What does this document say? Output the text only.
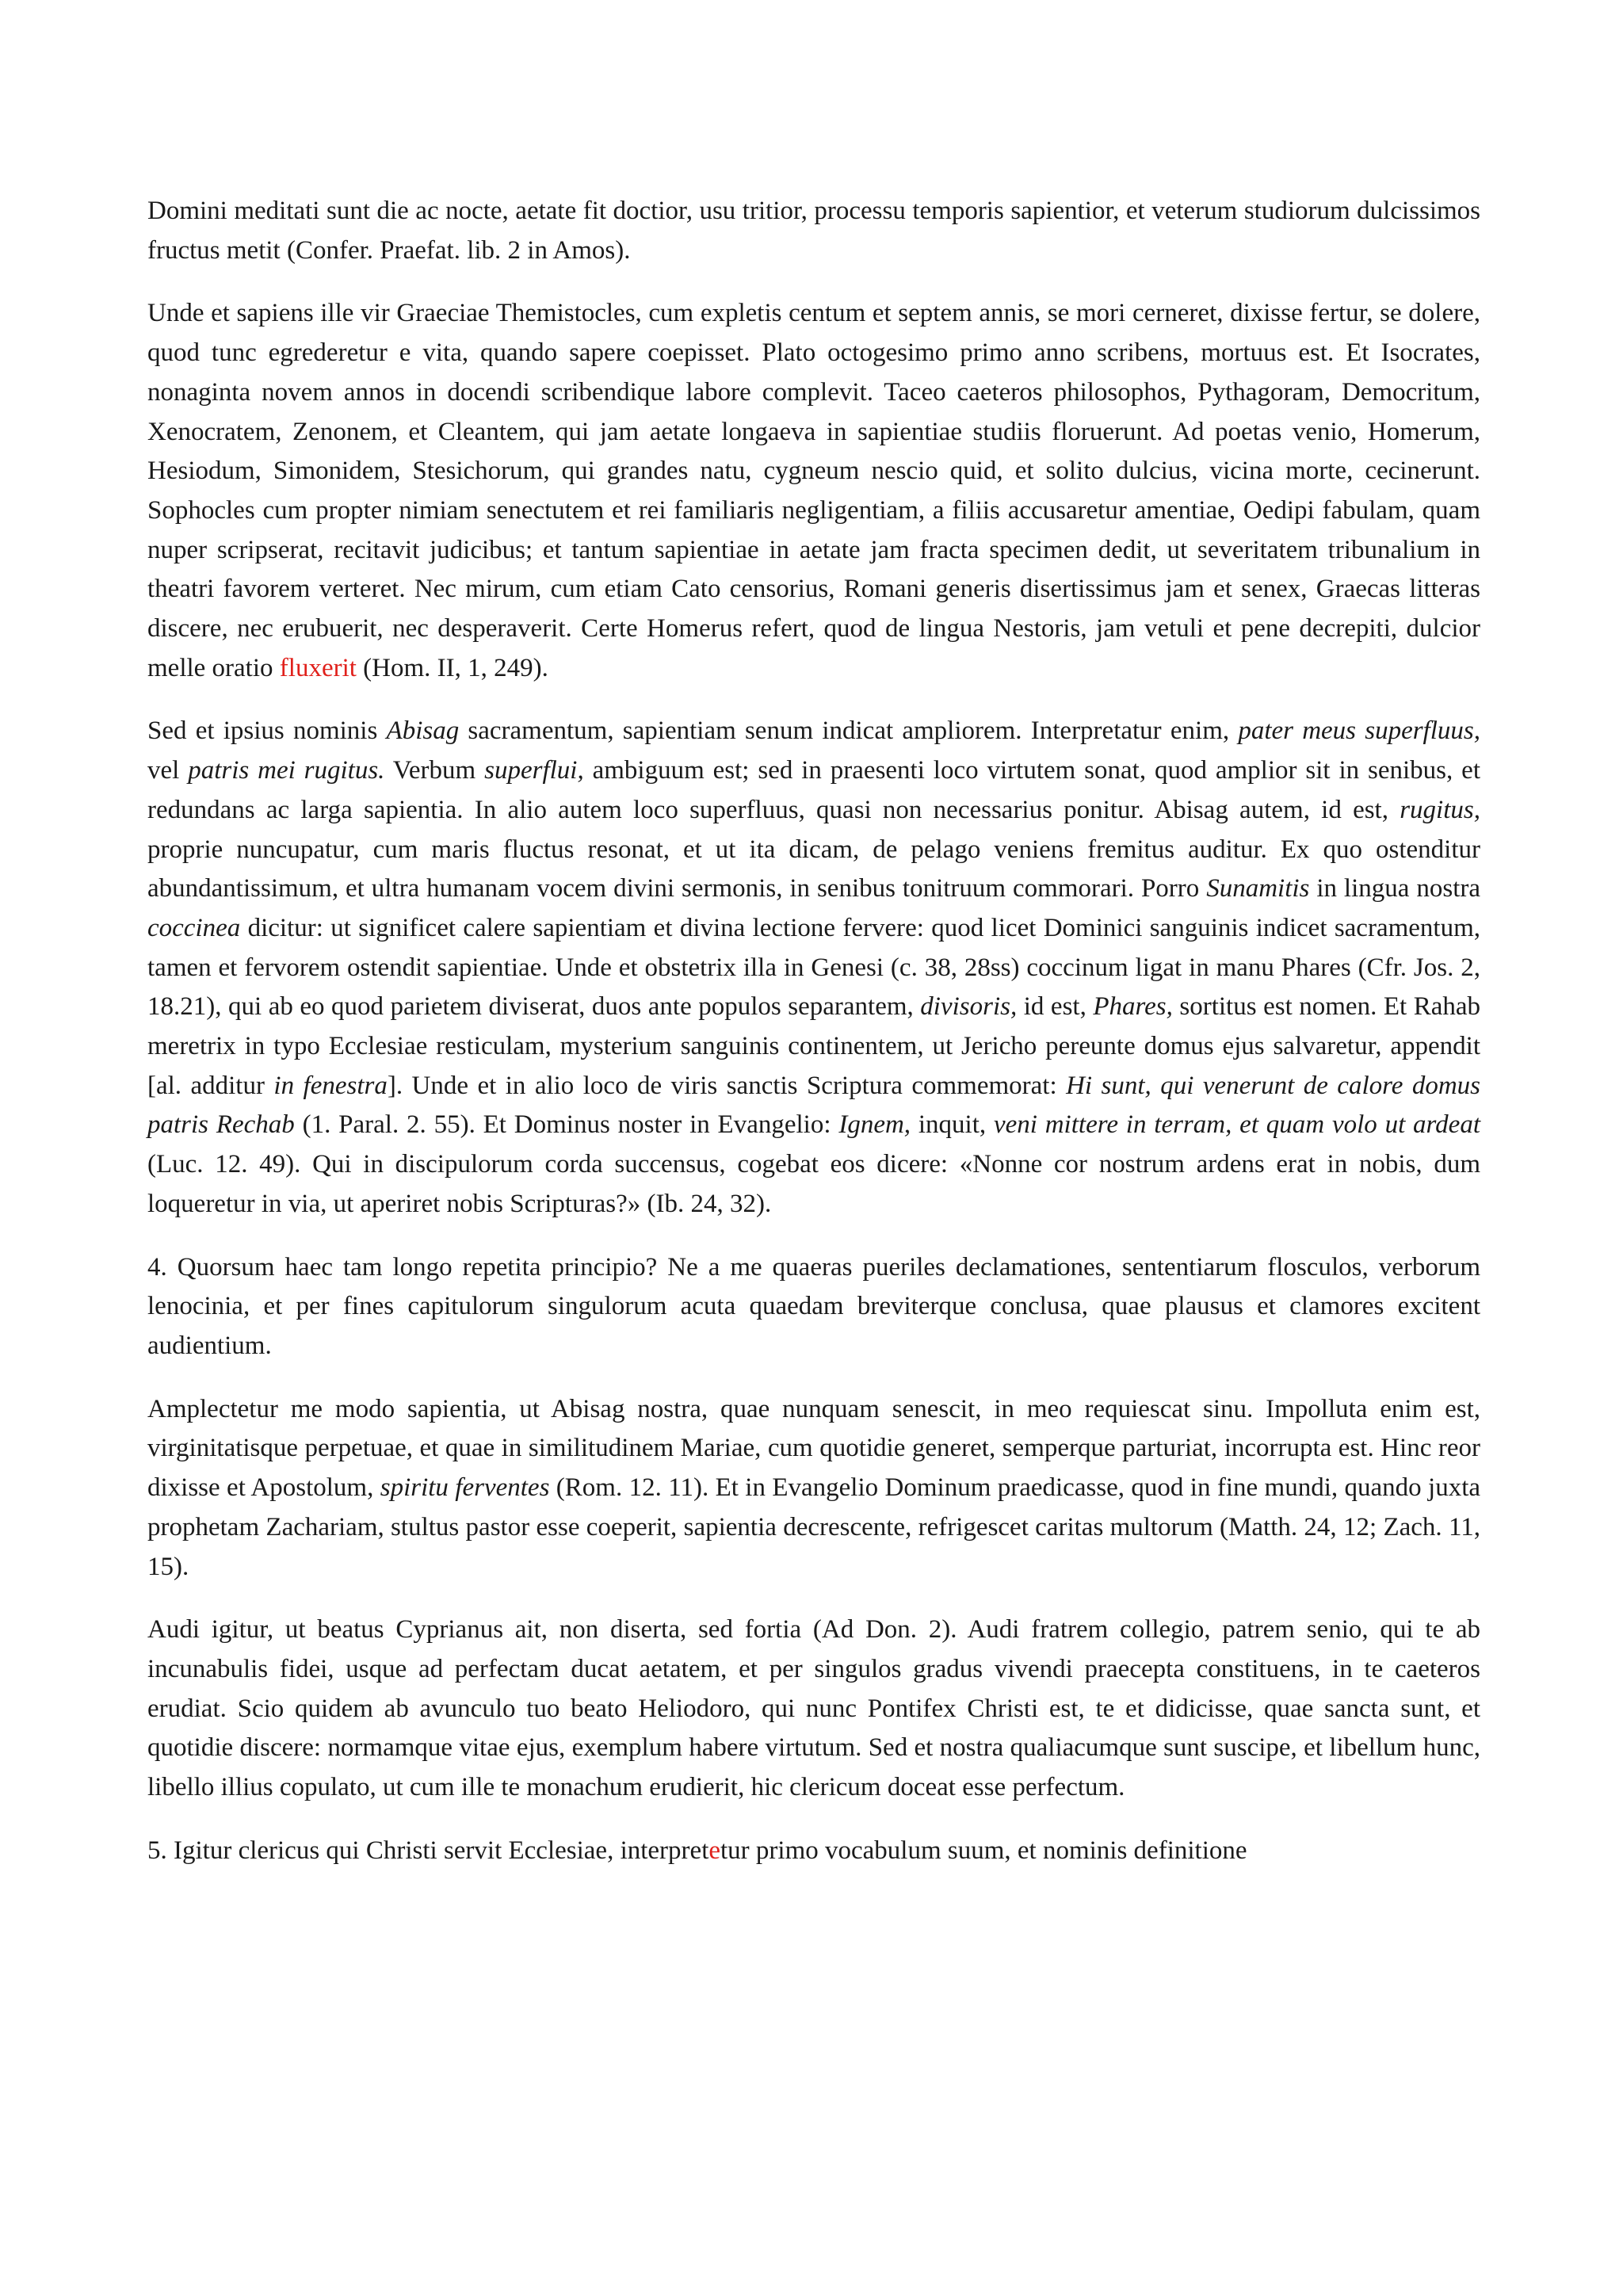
Domini meditati sunt die ac nocte, aetate fit doctior, usu tritior, processu temporis sapientior, et veterum studiorum dulcissimos fructus metit (Confer. Praefat. lib. 2 in Amos).

Unde et sapiens ille vir Graeciae Themistocles, cum expletis centum et septem annis, se mori cerneret, dixisse fertur, se dolere, quod tunc egrederetur e vita, quando sapere coepisset. Plato octogesimo primo anno scribens, mortuus est. Et Isocrates, nonaginta novem annos in docendi scribendique labore complevit. Taceo caeteros philosophos, Pythagoram, Democritum, Xenocratem, Zenonem, et Cleantem, qui jam aetate longaeva in sapientiae studiis floruerunt. Ad poetas venio, Homerum, Hesiodum, Simonidem, Stesichorum, qui grandes natu, cygneum nescio quid, et solito dulcius, vicina morte, cecinerunt. Sophocles cum propter nimiam senectutem et rei familiaris negligentiam, a filiis accusaretur amentiae, Oedipi fabulam, quam nuper scripserat, recitavit judicibus; et tantum sapientiae in aetate jam fracta specimen dedit, ut severitatem tribunalium in theatri favorem verteret. Nec mirum, cum etiam Cato censorius, Romani generis disertissimus jam et senex, Graecas litteras discere, nec erubuerit, nec desperaverit. Certe Homerus refert, quod de lingua Nestoris, jam vetuli et pene decrepiti, dulcior melle oratio fluxerit (Hom. II, 1, 249).

Sed et ipsius nominis Abisag sacramentum, sapientiam senum indicat ampliorem. Interpretatur enim, pater meus superfluus, vel patris mei rugitus. Verbum superflui, ambiguum est; sed in praesenti loco virtutem sonat, quod amplior sit in senibus, et redundans ac larga sapientia. In alio autem loco superfluus, quasi non necessarius ponitur. Abisag autem, id est, rugitus, proprie nuncupatur, cum maris fluctus resonat, et ut ita dicam, de pelago veniens fremitus auditur. Ex quo ostenditur abundantissimum, et ultra humanam vocem divini sermonis, in senibus tonitruum commorari. Porro Sunamitis in lingua nostra coccinea dicitur: ut significet calere sapientiam et divina lectione fervere: quod licet Dominici sanguinis indicet sacramentum, tamen et fervorem ostendit sapientiae. Unde et obstetrix illa in Genesi (c. 38, 28ss) coccinum ligat in manu Phares (Cfr. Jos. 2, 18.21), qui ab eo quod parietem diviserat, duos ante populos separantem, divisoris, id est, Phares, sortitus est nomen. Et Rahab meretrix in typo Ecclesiae resticulam, mysterium sanguinis continentem, ut Jericho pereunte domus ejus salvaretur, appendit [al. additur in fenestra]. Unde et in alio loco de viris sanctis Scriptura commemorat: Hi sunt, qui venerunt de calore domus patris Rechab (1. Paral. 2. 55). Et Dominus noster in Evangelio: Ignem, inquit, veni mittere in terram, et quam volo ut ardeat (Luc. 12. 49). Qui in discipulorum corda succensus, cogebat eos dicere: «Nonne cor nostrum ardens erat in nobis, dum loqueretur in via, ut aperiret nobis Scripturas?» (Ib. 24, 32).

4. Quorsum haec tam longo repetita principio? Ne a me quaeras pueriles declamationes, sententiarum flosculos, verborum lenocinia, et per fines capitulorum singulorum acuta quaedam breviterque conclusa, quae plausus et clamores excitent audientium.

Amplectetur me modo sapientia, ut Abisag nostra, quae nunquam senescit, in meo requiescat sinu. Impolluta enim est, virginitatisque perpetuae, et quae in similitudinem Mariae, cum quotidie generet, semperque parturiat, incorrupta est. Hinc reor dixisse et Apostolum, spiritu ferventes (Rom. 12. 11). Et in Evangelio Dominum praedicasse, quod in fine mundi, quando juxta prophetam Zachariam, stultus pastor esse coeperit, sapientia decrescente, refrigescet caritas multorum (Matth. 24, 12; Zach. 11, 15).

Audi igitur, ut beatus Cyprianus ait, non diserta, sed fortia (Ad Don. 2). Audi fratrem collegio, patrem senio, qui te ab incunabulis fidei, usque ad perfectam ducat aetatem, et per singulos gradus vivendi praecepta constituens, in te caeteros erudiat. Scio quidem ab avunculo tuo beato Heliodoro, qui nunc Pontifex Christi est, te et didicisse, quae sancta sunt, et quotidie discere: normamque vitae ejus, exemplum habere virtutum. Sed et nostra qualiacumque sunt suscipe, et libellum hunc, libello illius copulato, ut cum ille te monachum erudierit, hic clericum doceat esse perfectum.

5. Igitur clericus qui Christi servit Ecclesiae, interpretetur primo vocabulum suum, et nominis definitione
